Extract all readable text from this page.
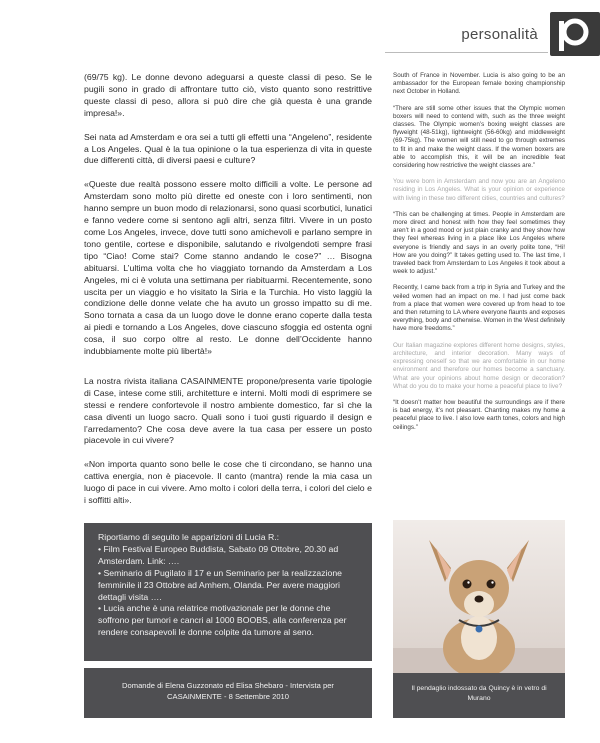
personalità

(69/75 kg). Le donne devono adeguarsi a queste classi di peso. Se le pugili sono in grado di affrontare tutto ciò, visto quanto sono restrittive queste classi di peso, allora si può dire che già questa è una grande impresa!».

Sei nata ad Amsterdam e ora sei a tutti gli effetti una “Angeleno”, residente a Los Angeles. Qual è la tua opinione o la tua esperienza di vita in queste due differenti città, di diversi paesi e culture?

«Queste due realtà possono essere molto difficili a volte. Le persone ad Amsterdam sono molto più dirette ed oneste con i loro sentimenti, non hanno sempre un buon modo di relazionarsi, sono quasi scorbutici, lunatici e fanno vedere come si sentono agli altri, senza filtri. Vivere in un posto come Los Angeles, invece, dove tutti sono amichevoli e parlano sempre in tono gentile, cortese e disponibile, salutando e rivolgendoti sempre frasi tipo “Ciao! Come stai? Come stanno andando le cose?” … Bisogna abituarsi. L’ultima volta che ho viaggiato tornando da Amsterdam a Los Angeles, mi ci è voluta una settimana per riabituarmi. Recentemente, sono uscita per un viaggio e ho visitato la Siria e la Turchia. Ho visto laggiù la condizione delle donne velate che ha avuto un grosso impatto su di me. Sono tornata a casa da un luogo dove le donne erano coperte dalla testa ai piedi e tornando a Los Angeles, dove ciascuno sfoggia ed ostenta ogni cosa, il suo corpo oltre al resto. Le donne dell’Occidente hanno indubbiamente molte più libertà!»

La nostra rivista italiana CASAINMENTE propone/presenta varie tipologie di Case, intese come stili, architetture e interni. Molti modi di esprimere se stessi e rendere confortevole il nostro ambiente domestico, far sì che la casa diventi un luogo sacro. Quali sono i tuoi gusti riguardo il design e l’arredamento? Che cosa deve avere la tua casa per essere un posto piacevole in cui vivere?

«Non importa quanto sono belle le cose che ti circondano, se hanno una cattiva energia, non è piacevole. Il canto (mantra) rende la mia casa un luogo di pace in cui vivere. Amo molto i colori della terra, i colori del cielo e i soffitti alti».

South of France in November. Lucia is also going to be an ambassador for the European female boxing championship next October in Holland.

“There are still some other issues that the Olympic women boxers will need to contend with, such as the three weight classes. The Olympic women’s boxing weight classes are flyweight (48-51kg), lightweight (56-60kg) and middleweight (69-75kg). The women will still need to go through extremes to fit in and make the weight class. If the women boxers are able to accomplish this, it will be an incredible feat considering how restrictive the weight classes are.”

You were born in Amsterdam and now you are an Angeleno residing in Los Angeles. What is your opinion or experience with living in these two different cities, countries and cultures?

“This can be challenging at times. People in Amsterdam are more direct and honest with how they feel sometimes they aren’t in a good mood or just plain cranky and they show how they feel whereas living in a place like Los Angeles where everyone is friendly and says in an overly polite tone, “Hi! How are you doing?” It takes getting used to. The last time, I traveled back from Amsterdam to Los Angeles it took about a week to adjust.”

Recently, I came back from a trip in Syria and Turkey and the veiled women had an impact on me. I had just come back from a place that women were covered up from head to toe and then returning to LA where everyone flaunts and exposes everything, body and otherwise. Women in the West definitely have more freedoms.”

Our Italian magazine explores different home designs, styles, architecture, and interior decoration. Many ways of expressing oneself so that we are comfortable in our home environment and therefore our homes become a sanctuary. What are your opinions about home design or decoration? What do you do to make your home a peaceful place to live?

“It doesn’t matter how beautiful the surroundings are if there is bad energy, it’s not pleasant. Chanting makes my home a peaceful place to live. I also love earth tones, colors and high ceilings.”

Riportiamo di seguito le apparizioni di Lucia R.:
• Film Festival Europeo Buddista, Sabato 09 Ottobre, 20.30 ad Amsterdam. Link: ….
• Seminario di Pugilato il 17 e un Seminario per la realizzazione femminile il 23 Ottobre ad Amhem, Olanda. Per avere maggiori dettagli visita ….
• Lucia anche è una relatrice motivazionale per le donne che soffrono per tumori e cancri al 1000 BOOBS, alla conferenza per rendere consapevoli le donne colpite da tumore al seno.
Domande di Elena Guzzonato ed Elisa Shebaro - Intervista per CASAINMENTE - 8 Settembre 2010
Il pendaglio indossato da Quincy è in vetro di Murano
